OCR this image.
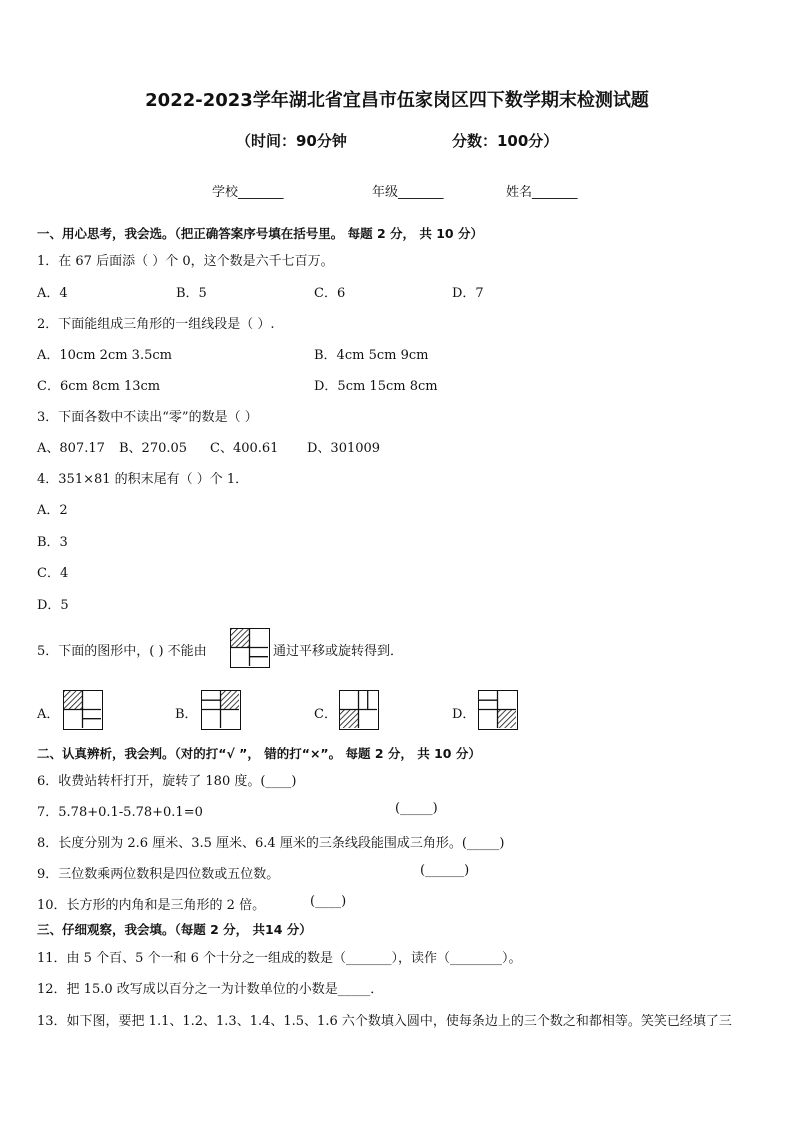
2022-2023学年湖北省宜昌市伍家岗区四下数学期末检测试题
（时间：90分钟	分数：100分）
学校_______	年级_______	姓名_______
一、用心思考，我会选。（把正确答案序号填在括号里。 每题 2 分， 共 10 分）
1．在 67 后面添（ ）个 0，这个数是六千七百万。
A．4	B．5	C．6	D．7
2．下面能组成三角形的一组线段是（ ）.
A．10cm 2cm 3.5cm	B．4cm 5cm 9cm
C．6cm 8cm 13cm	D．5cm 15cm 8cm
3．下面各数中不读出“零”的数是（ ）
A、807.17 B、270.05 C、400.61 D、301009
4．351×81 的积末尾有（ ）个 1．
A．2
B．3
C．4
D．5
5．下面的图形中，( ) 不能由	通过平移或旋转得到．
A．	B．	C．	D．
二、认真辨析，我会判。（对的打“√ ”， 错的打“×”。 每题 2 分， 共 10 分）
6．收费站转杆打开，旋转了 180 度。(____)
7．5.78+0.1-5.78+0.1=0	(_____)
8．长度分别为 2.6 厘米、3.5 厘米、6.4 厘米的三条线段能围成三角形。(_____)
9．三位数乘两位数积是四位数或五位数。	(______)
10．长方形的内角和是三角形的 2 倍。	(____)
三、仔细观察，我会填。（每题 2 分， 共14 分）
11．由 5 个百、5 个一和 6 个十分之一组成的数是（_______），读作（________）。
12．把 15.0 改写成以百分之一为计数单位的小数是_____．
13．如下图，要把 1.1、1.2、1.3、1.4、1.5、1.6 六个数填入圆中，使每条边上的三个数之和都相等。笑笑已经填了三
